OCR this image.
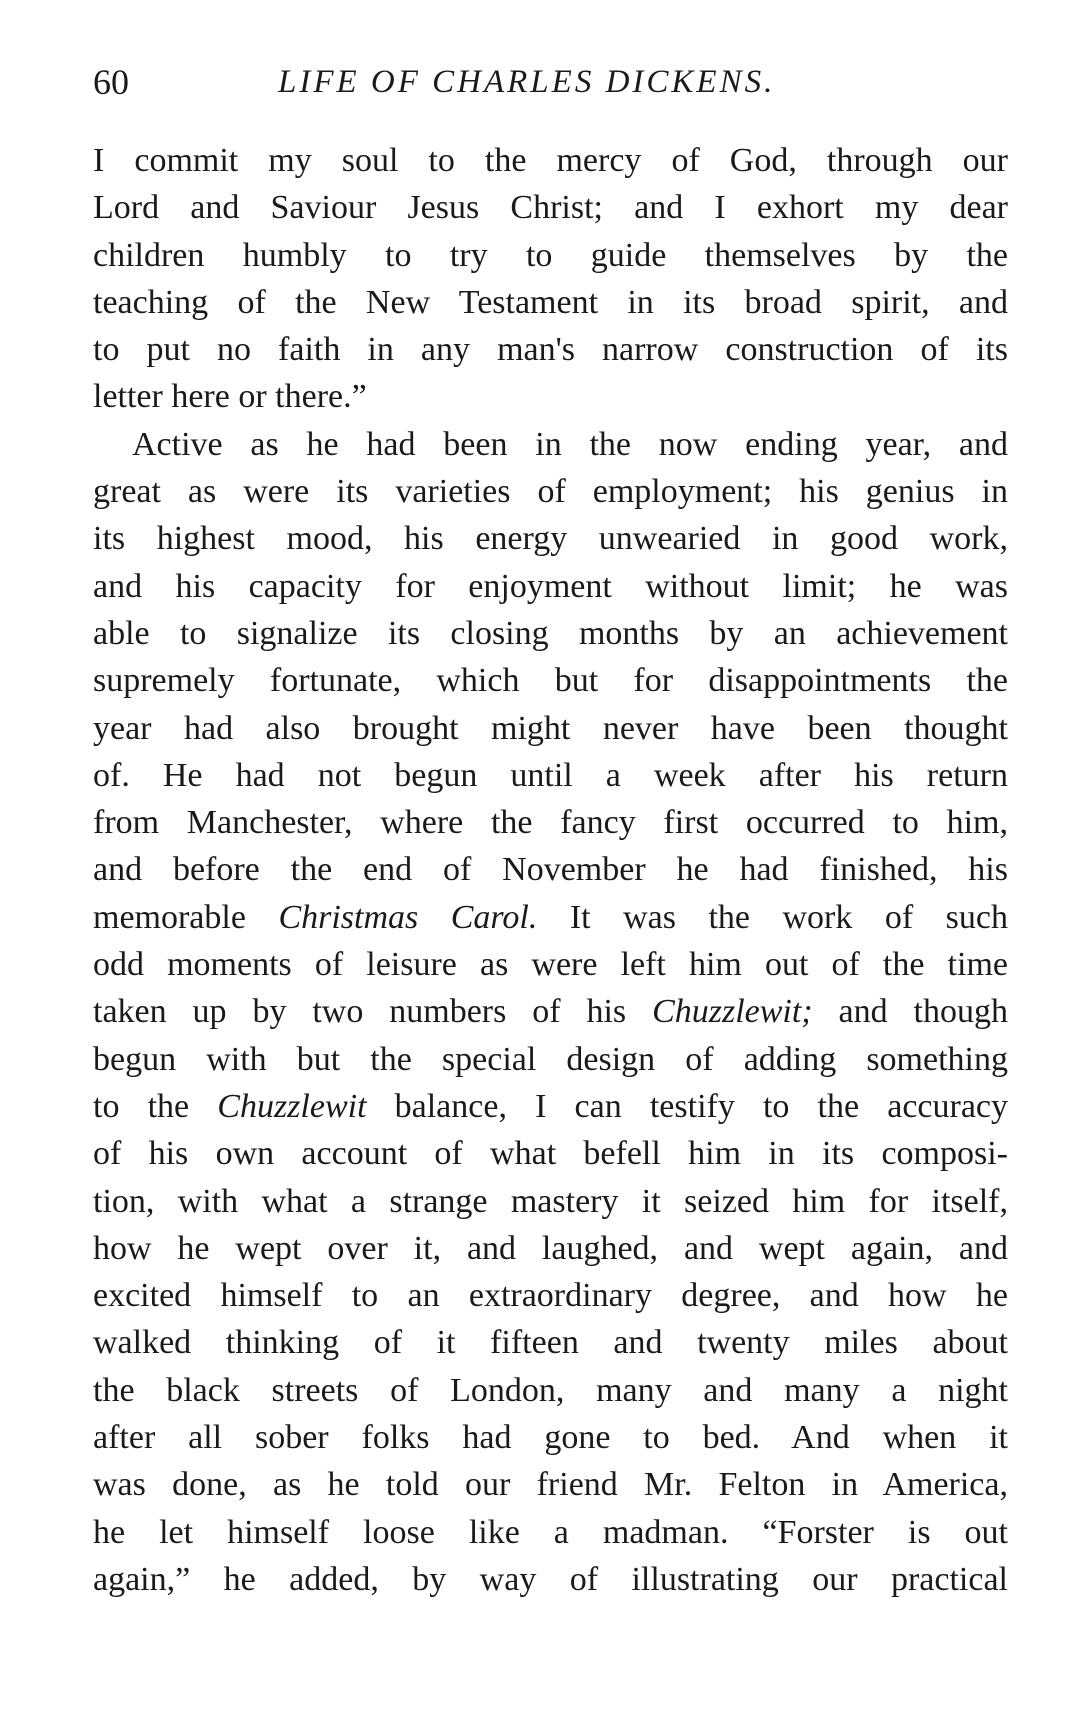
60	LIFE OF CHARLES DICKENS.
I commit my soul to the mercy of God, through our
Lord and Saviour Jesus Christ; and I exhort my dear
children humbly to try to guide themselves by the
teaching of the New Testament in its broad spirit, and
to put no faith in any man's narrow construction of its
letter here or there.”
Active as he had been in the now ending year, and
great as were its varieties of employment; his genius in
its highest mood, his energy unwearied in good work,
and his capacity for enjoyment without limit; he was
able to signalize its closing months by an achievement
supremely fortunate, which but for disappointments the
year had also brought might never have been thought
of. He had not begun until a week after his return
from Manchester, where the fancy first occurred to him,
and before the end of November he had finished, his
memorable Christmas Carol. It was the work of such
odd moments of leisure as were left him out of the time
taken up by two numbers of his Chuzzlewit; and though
begun with but the special design of adding something
to the Chuzzlewit balance, I can testify to the accuracy
of his own account of what befell him in its composi-
tion, with what a strange mastery it seized him for itself,
how he wept over it, and laughed, and wept again, and
excited himself to an extraordinary degree, and how he
walked thinking of it fifteen and twenty miles about
the black streets of London, many and many a night
after all sober folks had gone to bed. And when it
was done, as he told our friend Mr. Felton in America,
he let himself loose like a madman. “Forster is out
again,” he added, by way of illustrating our practical
